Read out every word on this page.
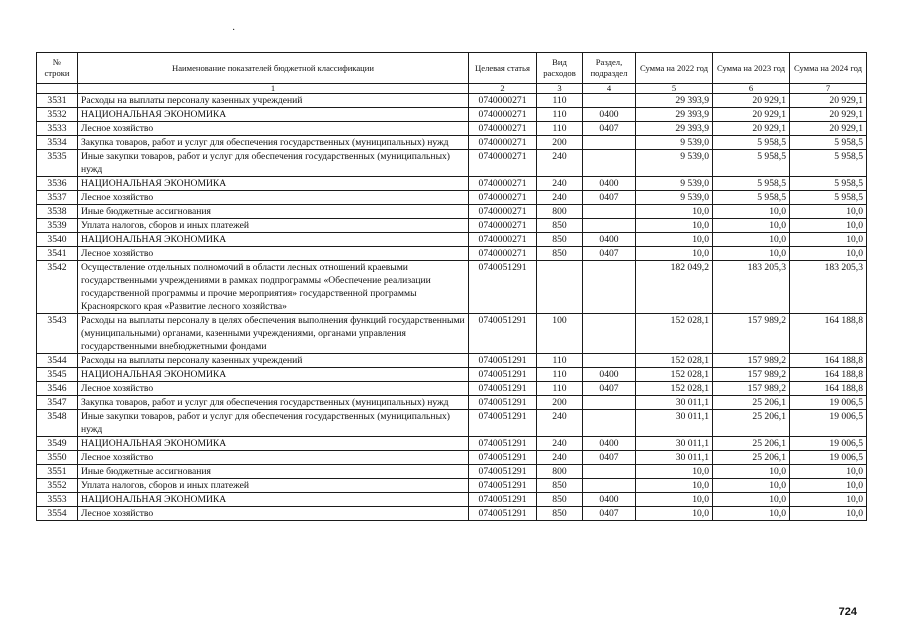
·
№ строки	Наименование показателей бюджетной классификации	Целевая статья	Вид расходов	Раздел, подраздел	Сумма на 2022 год	Сумма на 2023 год	Сумма на 2024 год
	1	2	3	4	5	6	7
3531	Расходы на выплаты персоналу казенных учреждений	0740000271	110		29 393,9	20 929,1	20 929,1
3532	НАЦИОНАЛЬНАЯ ЭКОНОМИКА	0740000271	110	0400	29 393,9	20 929,1	20 929,1
3533	Лесное хозяйство	0740000271	110	0407	29 393,9	20 929,1	20 929,1
3534	Закупка товаров, работ и услуг для обеспечения государственных (муниципальных) нужд	0740000271	200		9 539,0	5 958,5	5 958,5
3535	Иные закупки товаров, работ и услуг для обеспечения государственных (муниципальных) нужд	0740000271	240		9 539,0	5 958,5	5 958,5
3536	НАЦИОНАЛЬНАЯ ЭКОНОМИКА	0740000271	240	0400	9 539,0	5 958,5	5 958,5
3537	Лесное хозяйство	0740000271	240	0407	9 539,0	5 958,5	5 958,5
3538	Иные бюджетные ассигнования	0740000271	800		10,0	10,0	10,0
3539	Уплата налогов, сборов и иных платежей	0740000271	850		10,0	10,0	10,0
3540	НАЦИОНАЛЬНАЯ ЭКОНОМИКА	0740000271	850	0400	10,0	10,0	10,0
3541	Лесное хозяйство	0740000271	850	0407	10,0	10,0	10,0
3542	Осуществление отдельных полномочий в области лесных отношений краевыми государственными учреждениями в рамках подпрограммы «Обеспечение реализации государственной программы и прочие мероприятия» государственной программы Красноярского края «Развитие лесного хозяйства»	0740051291			182 049,2	183 205,3	183 205,3
3543	Расходы на выплаты персоналу в целях обеспечения выполнения функций государственными (муниципальными) органами, казенными учреждениями, органами управления государственными внебюджетными фондами	0740051291	100		152 028,1	157 989,2	164 188,8
3544	Расходы на выплаты персоналу казенных учреждений	0740051291	110		152 028,1	157 989,2	164 188,8
3545	НАЦИОНАЛЬНАЯ ЭКОНОМИКА	0740051291	110	0400	152 028,1	157 989,2	164 188,8
3546	Лесное хозяйство	0740051291	110	0407	152 028,1	157 989,2	164 188,8
3547	Закупка товаров, работ и услуг для обеспечения государственных (муниципальных) нужд	0740051291	200		30 011,1	25 206,1	19 006,5
3548	Иные закупки товаров, работ и услуг для обеспечения государственных (муниципальных) нужд	0740051291	240		30 011,1	25 206,1	19 006,5
3549	НАЦИОНАЛЬНАЯ ЭКОНОМИКА	0740051291	240	0400	30 011,1	25 206,1	19 006,5
3550	Лесное хозяйство	0740051291	240	0407	30 011,1	25 206,1	19 006,5
3551	Иные бюджетные ассигнования	0740051291	800		10,0	10,0	10,0
3552	Уплата налогов, сборов и иных платежей	0740051291	850		10,0	10,0	10,0
3553	НАЦИОНАЛЬНАЯ ЭКОНОМИКА	0740051291	850	0400	10,0	10,0	10,0
3554	Лесное хозяйство	0740051291	850	0407	10,0	10,0	10,0
724
